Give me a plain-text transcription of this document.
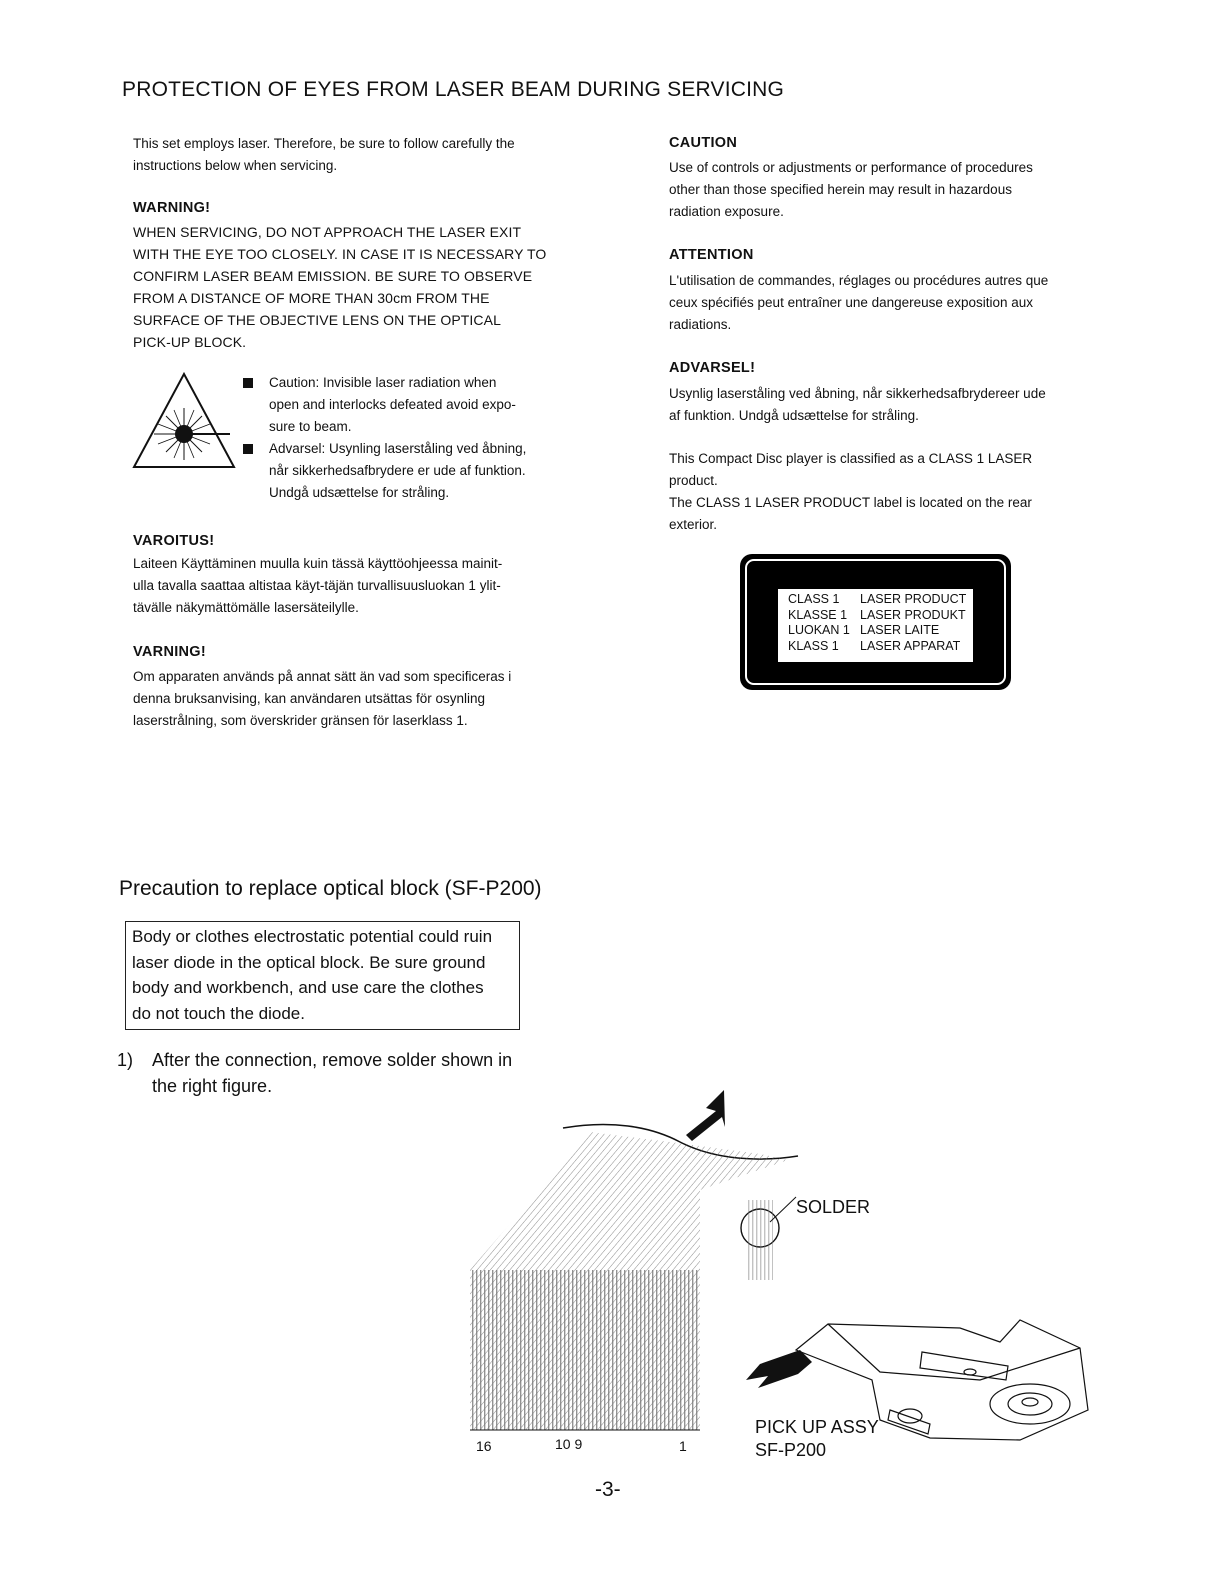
PROTECTION OF EYES FROM LASER BEAM DURING SERVICING
This set employs laser. Therefore, be sure to follow carefully the
instructions below when servicing.
WARNING!
WHEN SERVICING, DO NOT APPROACH THE LASER EXIT
WITH THE EYE TOO CLOSELY. IN CASE IT IS NECESSARY TO
CONFIRM LASER BEAM EMISSION. BE SURE TO OBSERVE
FROM A DISTANCE OF MORE THAN 30cm FROM THE
SURFACE OF THE OBJECTIVE LENS ON THE OPTICAL
PICK-UP BLOCK.
Caution: Invisible laser radiation when
open and interlocks defeated avoid expo-
sure to beam.
Advarsel: Usynling laserståling ved åbning,
når sikkerhedsafbrydere er ude af funktion.
Undgå udsættelse for stråling.
VAROITUS!
Laiteen Käyttäminen muulla kuin tässä käyttöohjeessa mainit-
ulla tavalla saattaa altistaa käyt-täjän turvallisuusluokan 1 ylit-
tävälle näkymättömälle lasersäteilylle.
VARNING!
Om apparaten används på annat sätt än vad som specificeras i
denna bruksanvising, kan användaren utsättas för osynling
laserstrålning, som överskrider gränsen för laserklass 1.
CAUTION
Use of controls or adjustments or performance of procedures
other than those specified herein may result in hazardous
radiation exposure.
ATTENTION
L'utilisation de commandes, réglages ou procédures autres que
ceux spécifiés peut entraîner une dangereuse exposition aux
radiations.
ADVARSEL!
Usynlig laserståling ved åbning, når sikkerhedsafbrydereer ude
af funktion. Undgå udsættelse for stråling.
This Compact Disc player is classified as a CLASS 1 LASER
product.
The CLASS 1 LASER PRODUCT label is located on the rear
exterior.
CLASS 1	LASER PRODUCT
KLASSE 1	LASER PRODUKT
LUOKAN 1 LASER LAITE
KLASS 1	LASER APPARAT
Precaution to replace optical block (SF-P200)
Body or clothes electrostatic potential could ruin
laser diode in the optical block. Be sure ground
body and workbench, and use care the clothes
do not touch the diode.
1) After the connection, remove solder shown in
the right figure.
SOLDER
PICK UP ASSY
SF-P200
16	10 9	1
-3-
